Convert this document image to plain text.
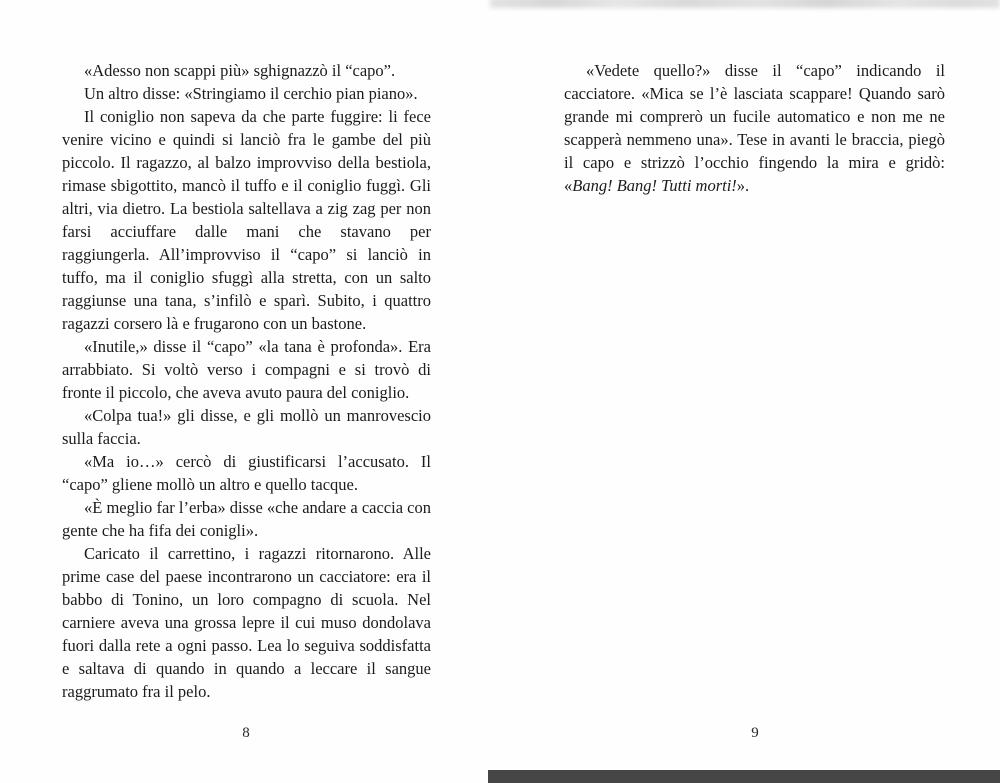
«Adesso non scappi più» sghignazzò il “capo”.

Un altro disse: «Stringiamo il cerchio pian piano».

Il coniglio non sapeva da che parte fuggire: li fece venire vicino e quindi si lanciò fra le gambe del più piccolo. Il ragazzo, al balzo improvviso della bestiola, rimase sbigottito, mancò il tuffo e il coniglio fuggì. Gli altri, via dietro. La bestiola saltellava a zig zag per non farsi acciuffare dalle mani che stavano per raggiungerla. All’improvviso il “capo” si lanciò in tuffo, ma il coniglio sfuggì alla stretta, con un salto raggiunse una tana, s’infilò e sparì. Subito, i quattro ragazzi corsero là e frugarono con un bastone.

«Inutile,» disse il “capo” «la tana è profonda». Era arrabbiato. Si voltò verso i compagni e si trovò di fronte il piccolo, che aveva avuto paura del coniglio.

«Colpa tua!» gli disse, e gli mollò un manrovescio sulla faccia.

«Ma io…» cercò di giustificarsi l’accusato. Il “capo” gliene mollò un altro e quello tacque.

«È meglio far l’erba» disse «che andare a caccia con gente che ha fifa dei conigli».

Caricato il carrettino, i ragazzi ritornarono. Alle prime case del paese incontrarono un cacciatore: era il babbo di Tonino, un loro compagno di scuola. Nel carniere aveva una grossa lepre il cui muso dondolava fuori dalla rete a ogni passo. Lea lo seguiva soddisfatta e saltava di quando in quando a leccare il sangue raggrumato fra il pelo.

8

«Vedete quello?» disse il “capo” indicando il cacciatore. «Mica se l’è lasciata scappare! Quando sarò grande mi comprerò un fucile automatico e non me ne scapperà nemmeno una». Tese in avanti le braccia, piegò il capo e strizzò l’occhio fingendo la mira e gridò: «Bang! Bang! Tutti morti!».

9
